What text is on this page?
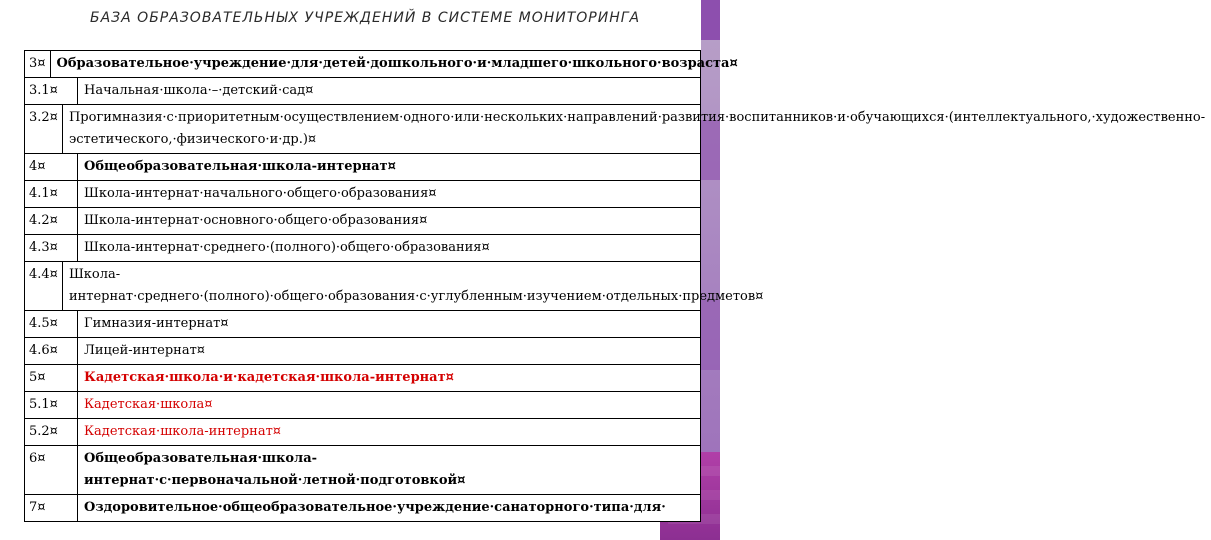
БАЗА ОБРАЗОВАТЕЛЬНЫХ УЧРЕЖДЕНИЙ В СИСТЕМЕ МОНИТОРИНГА
3¤ Образовательное·учреждение·для·детей·дошкольного·и·младшего·школьного·возраста¤
3.1¤	Начальная·школа·–·детский·сад¤
3.2¤ Прогимназия·с·приоритетным·осуществлением·одного·или·нескольких·направлений·развития·воспитанников·и·обучающихся·(интеллектуального,·художественно-эстетического,·физического·и·др.)¤
4¤	Общеобразовательная·школа-интернат¤
4.1¤	Школа-интернат·начального·общего·образования¤
4.2¤	Школа-интернат·основного·общего·образования¤
4.3¤	Школа-интернат·среднего·(полного)·общего·образования¤
4.4¤ Школа-интернат·среднего·(полного)·общего·образования·с·углубленным·изучением·отдельных·предметов¤
4.5¤	Гимназия-интернат¤
4.6¤	Лицей-интернат¤
5¤	Кадетская·школа·и·кадетская·школа-интернат¤
5.1¤	Кадетская·школа¤
5.2¤	Кадетская·школа-интернат¤
6¤	Общеобразовательная·школа-интернат·с·первоначальной·летной·подготовкой¤
7¤	Оздоровительное·общеобразовательное·учреждение·санаторного·типа·для·
